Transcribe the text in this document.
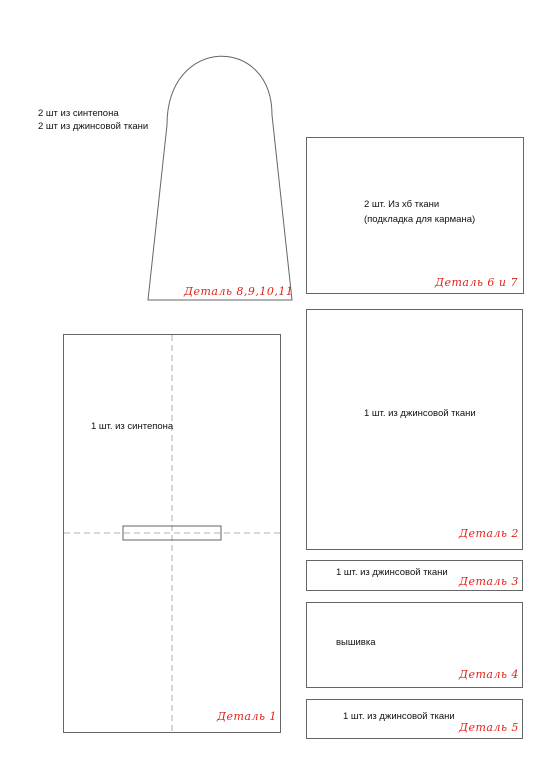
2 шт из синтепона
2 шт из джинсовой ткани
Деталь 8,9,10,11
2 шт. Из хб ткани
(подкладка для кармана)
Деталь 6 и 7
1 шт. из синтепона
Деталь 1
1 шт. из джинсовой ткани
Деталь 2
1 шт. из джинсовой ткани
Деталь 3
вышивка
Деталь 4
1 шт. из джинсовой ткани
Деталь 5
